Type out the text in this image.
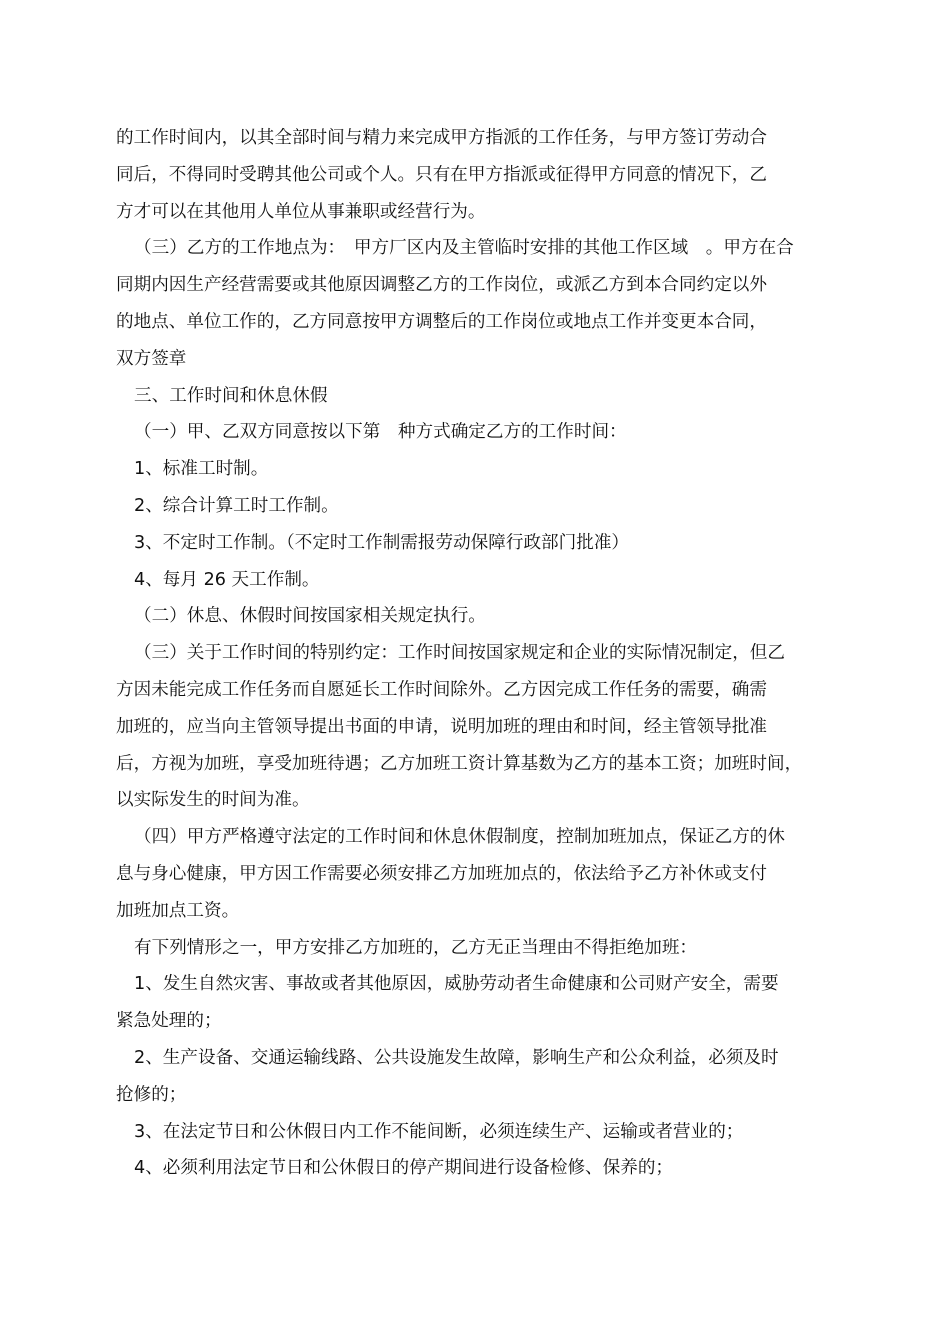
的工作时间内，以其全部时间与精力来完成甲方指派的工作任务，与甲方签订劳动合
同后，不得同时受聘其他公司或个人。只有在甲方指派或征得甲方同意的情况下，乙
方才可以在其他用人单位从事兼职或经营行为。
（三）乙方的工作地点为：　甲方厂区内及主管临时安排的其他工作区域　。甲方在合
同期内因生产经营需要或其他原因调整乙方的工作岗位，或派乙方到本合同约定以外
的地点、单位工作的，乙方同意按甲方调整后的工作岗位或地点工作并变更本合同，
双方签章
三、工作时间和休息休假
（一）甲、乙双方同意按以下第　种方式确定乙方的工作时间：
1、标准工时制。
2、综合计算工时工作制。
3、不定时工作制。（不定时工作制需报劳动保障行政部门批准）
4、每月 26 天工作制。
（二）休息、休假时间按国家相关规定执行。
（三）关于工作时间的特别约定：工作时间按国家规定和企业的实际情况制定，但乙
方因未能完成工作任务而自愿延长工作时间除外。乙方因完成工作任务的需要，确需
加班的，应当向主管领导提出书面的申请，说明加班的理由和时间，经主管领导批准
后，方视为加班，享受加班待遇；乙方加班工资计算基数为乙方的基本工资；加班时间，
以实际发生的时间为准。
（四）甲方严格遵守法定的工作时间和休息休假制度，控制加班加点，保证乙方的休
息与身心健康，甲方因工作需要必须安排乙方加班加点的，依法给予乙方补休或支付
加班加点工资。
有下列情形之一，甲方安排乙方加班的，乙方无正当理由不得拒绝加班：
1、发生自然灾害、事故或者其他原因，威胁劳动者生命健康和公司财产安全，需要
紧急处理的；
2、生产设备、交通运输线路、公共设施发生故障，影响生产和公众利益，必须及时
抢修的；
3、在法定节日和公休假日内工作不能间断，必须连续生产、运输或者营业的；
4、必须利用法定节日和公休假日的停产期间进行设备检修、保养的；
